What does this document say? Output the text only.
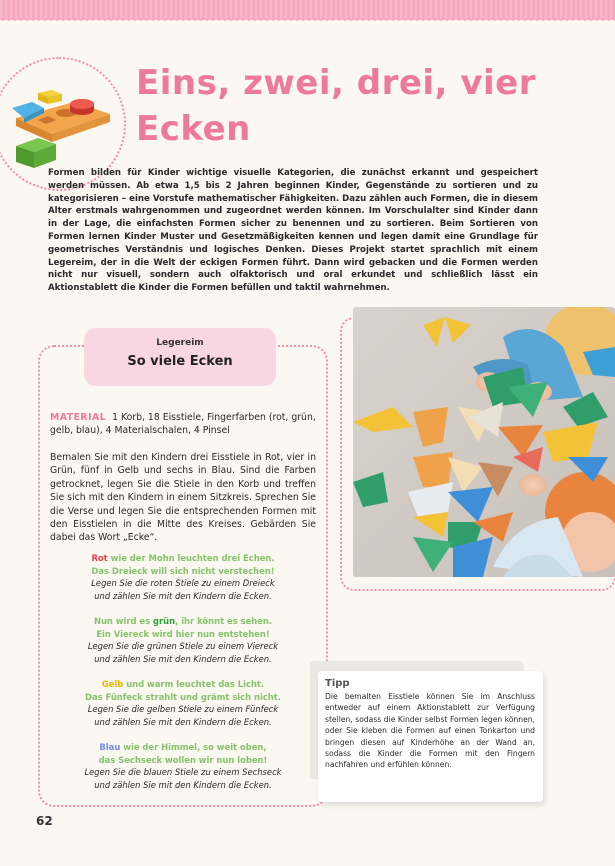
Eins, zwei, drei, vier
Ecken

Formen bilden für Kinder wichtige visuelle Kategorien, die zunächst erkannt und gespeichert werden müssen. Ab etwa 1,5 bis 2 Jahren beginnen Kinder, Gegenstände zu sortieren und zu kategorisieren – eine Vorstufe mathematischer Fähigkeiten. Dazu zählen auch Formen, die in diesem Alter erstmals wahrgenommen und zugeordnet werden können. Im Vorschulalter sind Kinder dann in der Lage, die einfachsten Formen sicher zu benennen und zu sortieren. Beim Sortieren von Formen lernen Kinder Muster und Gesetzmäßigkeiten kennen und legen damit eine Grundlage für geometrisches Verständnis und logisches Denken. Dieses Projekt startet sprachlich mit einem Legereim, der in die Welt der eckigen Formen führt. Dann wird gebacken und die Formen werden nicht nur visuell, sondern auch olfaktorisch und oral erkundet und schließlich lässt ein Aktionstablett die Kinder die Formen befüllen und taktil wahrnehmen.

Legereim
So viele Ecken

MATERIAL 1 Korb, 18 Eisstiele, Fingerfarben (rot, grün, gelb, blau), 4 Materialschalen, 4 Pinsel

Bemalen Sie mit den Kindern drei Eisstiele in Rot, vier in Grün, fünf in Gelb und sechs in Blau. Sind die Farben getrocknet, legen Sie die Stiele in den Korb und treffen Sie sich mit den Kindern in einem Sitzkreis. Sprechen Sie die Verse und legen Sie die entsprechenden Formen mit den Eisstielen in die Mitte des Kreises. Gebärden Sie dabei das Wort „Ecke“.

Rot wie der Mohn leuchten drei Echen.
Das Dreieck will sich nicht verstechen!
Legen Sie die roten Stiele zu einem Dreieck
und zählen Sie mit den Kindern die Ecken.
Nun wird es grün, ihr könnt es sehen.
Ein Viereck wird hier nun entstehen!
Legen Sie die grünen Stiele zu einem Viereck
und zählen Sie mit den Kindern die Ecken.
Gelb und warm leuchtet das Licht.
Das Fünfeck strahlt und grämt sich nicht.
Legen Sie die gelben Stiele zu einem Fünfeck
und zählen Sie mit den Kindern die Ecken.
Blau wie der Himmel, so weit oben,
das Sechseck wollen wir nun loben!
Legen Sie die blauen Stiele zu einem Sechseck
und zählen Sie mit den Kindern die Ecken.

Tipp

Die bemalten Eisstiele können Sie im Anschluss entweder auf einem Aktionstablett zur Verfügung stellen, sodass die Kinder selbst Formen legen können, oder Sie kleben die Formen auf einen Tonkarton und bringen diesen auf Kinderhöhe an der Wand an, sodass die Kinder die Formen mit den Fingern nachfahren und erfühlen können.

62
